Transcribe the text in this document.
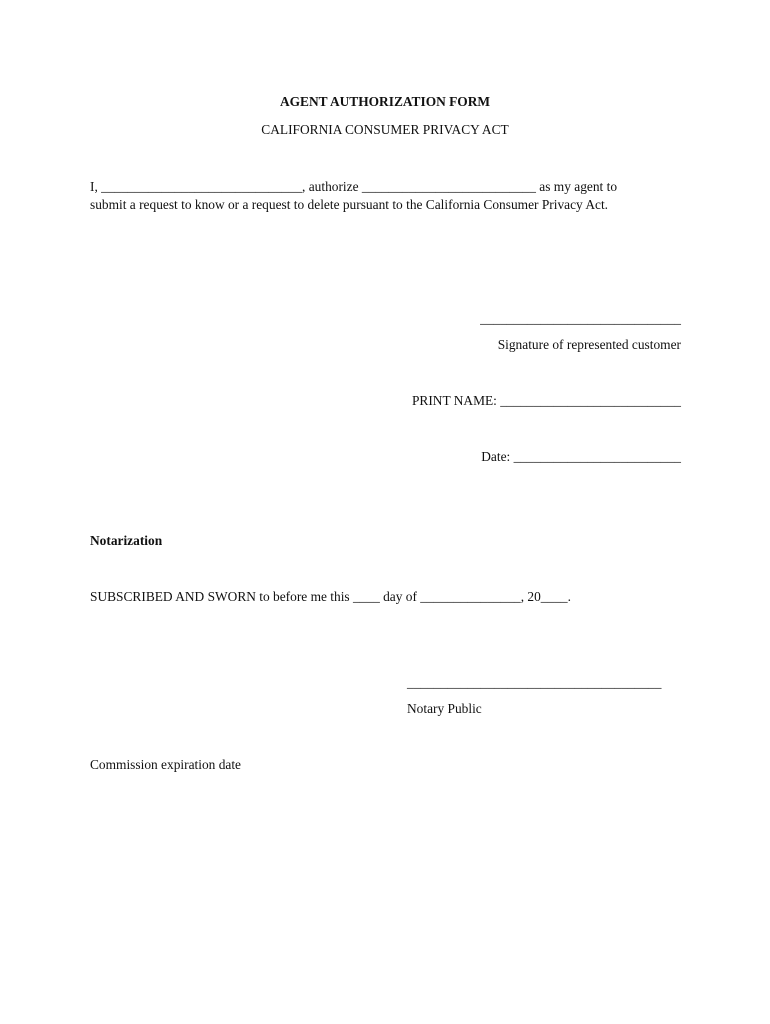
AGENT AUTHORIZATION FORM
CALIFORNIA CONSUMER PRIVACY ACT
I, ______________________________, authorize __________________________ as my agent to
submit a request to know or a request to delete pursuant to the California Consumer Privacy Act.
______________________________
Signature of represented customer
PRINT NAME: ___________________________
Date: _________________________
Notarization
SUBSCRIBED AND SWORN to before me this ____ day of _______________, 20____.
______________________________________
Notary Public
Commission expiration date
